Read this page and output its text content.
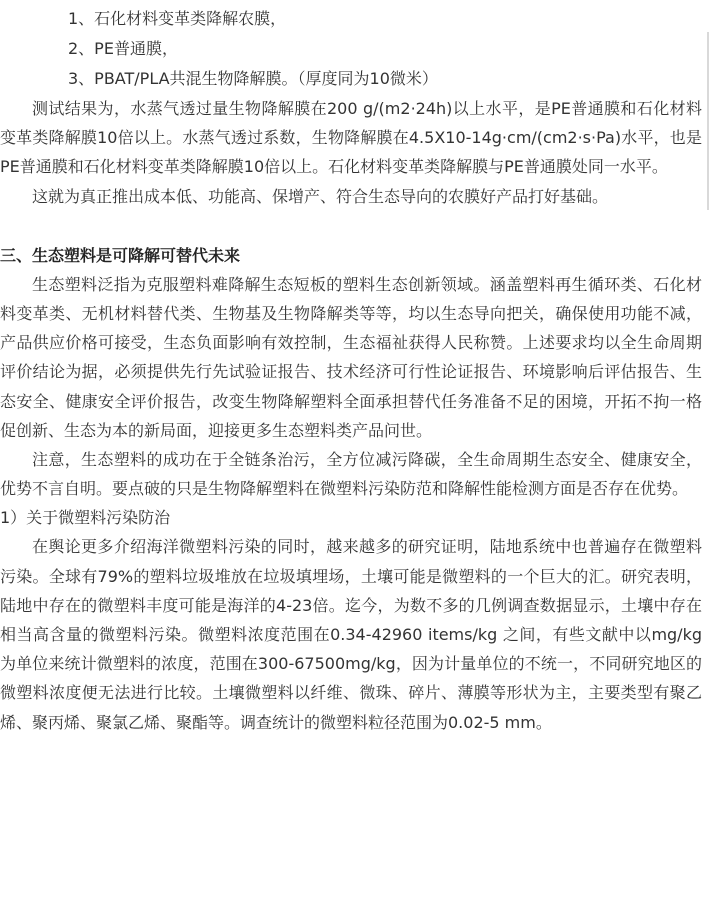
1、石化材料变革类降解农膜，
2、PE普通膜，
3、PBAT/PLA共混生物降解膜。（厚度同为10微米）

测试结果为，水蒸气透过量生物降解膜在200 g/(m2·24h)以上水平，是PE普通膜和石化材料变革类降解膜10倍以上。水蒸气透过系数，生物降解膜在4.5X10-14g·cm/(cm2·s·Pa)水平，也是PE普通膜和石化材料变革类降解膜10倍以上。石化材料变革类降解膜与PE普通膜处同一水平。

这就为真正推出成本低、功能高、保增产、符合生态导向的农膜好产品打好基础。

三、生态塑料是可降解可替代未来

生态塑料泛指为克服塑料难降解生态短板的塑料生态创新领域。涵盖塑料再生循环类、石化材料变革类、无机材料替代类、生物基及生物降解类等等，均以生态导向把关，确保使用功能不减，产品供应价格可接受，生态负面影响有效控制，生态福祉获得人民称赞。上述要求均以全生命周期评价结论为据，必须提供先行先试验证报告、技术经济可行性论证报告、环境影响后评估报告、生态安全、健康安全评价报告，改变生物降解塑料全面承担替代任务准备不足的困境，开拓不拘一格促创新、生态为本的新局面，迎接更多生态塑料类产品问世。

注意，生态塑料的成功在于全链条治污，全方位减污降碳，全生命周期生态安全、健康安全，优势不言自明。要点破的只是生物降解塑料在微塑料污染防范和降解性能检测方面是否存在优势。

1）关于微塑料污染防治

在舆论更多介绍海洋微塑料污染的同时，越来越多的研究证明，陆地系统中也普遍存在微塑料污染。全球有79%的塑料垃圾堆放在垃圾填埋场，土壤可能是微塑料的一个巨大的汇。研究表明，陆地中存在的微塑料丰度可能是海洋的4-23倍。迄今，为数不多的几例调查数据显示，土壤中存在相当高含量的微塑料污染。微塑料浓度范围在0.34-42960 items/kg 之间，有些文献中以mg/kg为单位来统计微塑料的浓度，范围在300-67500mg/kg，因为计量单位的不统一，不同研究地区的微塑料浓度便无法进行比较。土壤微塑料以纤维、微珠、碎片、薄膜等形状为主，主要类型有聚乙烯、聚丙烯、聚氯乙烯、聚酯等。调查统计的微塑料粒径范围为0.02-5 mm。
